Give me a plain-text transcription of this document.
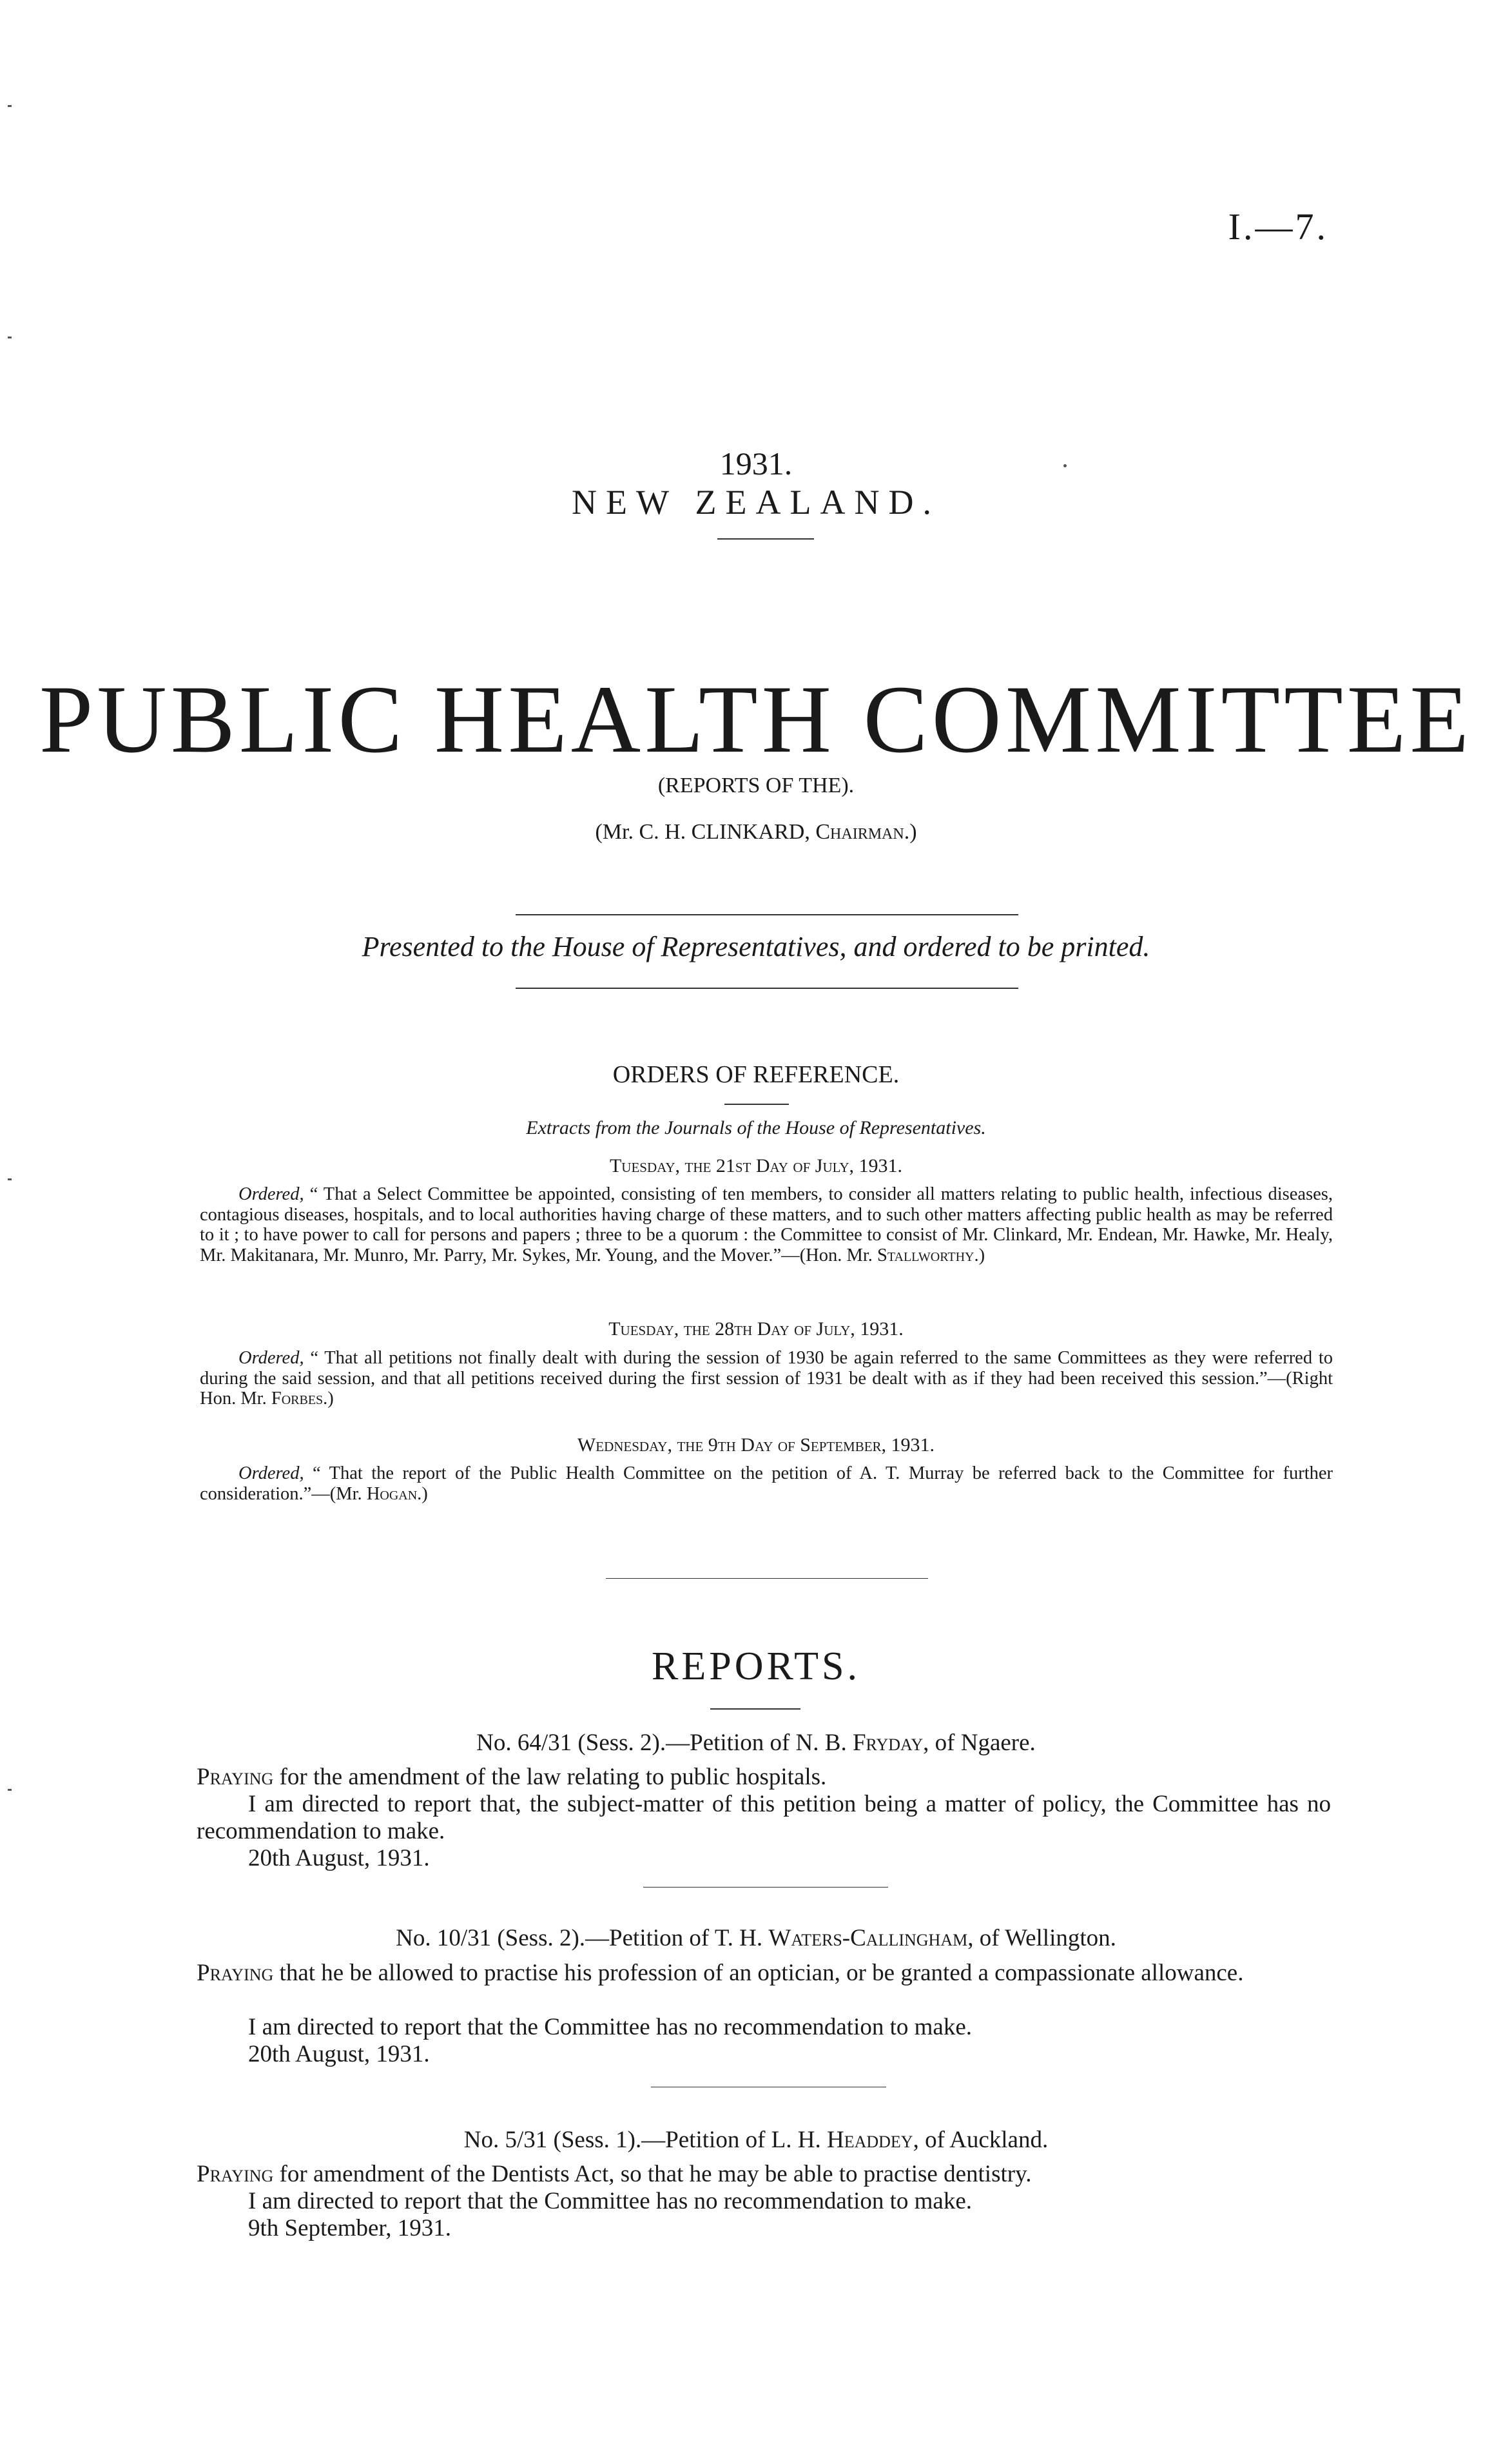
I.—7.
1931.
NEW ZEALAND.
PUBLIC HEALTH COMMITTEE
(REPORTS OF THE).
(Mr. C. H. CLINKARD, Chairman.)
Presented to the House of Representatives, and ordered to be printed.
ORDERS OF REFERENCE.
Extracts from the Journals of the House of Representatives.
Tuesday, the 21st Day of July, 1931.
Ordered, “ That a Select Committee be appointed, consisting of ten members, to consider all matters relating to public health, infectious diseases, contagious diseases, hospitals, and to local authorities having charge of these matters, and to such other matters affecting public health as may be referred to it ; to have power to call for persons and papers ; three to be a quorum : the Committee to consist of Mr. Clinkard, Mr. Endean, Mr. Hawke, Mr. Healy, Mr. Makitanara, Mr. Munro, Mr. Parry, Mr. Sykes, Mr. Young, and the Mover.”—(Hon. Mr. Stallworthy.)
Tuesday, the 28th Day of July, 1931.
Ordered, “ That all petitions not finally dealt with during the session of 1930 be again referred to the same Committees as they were referred to during the said session, and that all petitions received during the first session of 1931 be dealt with as if they had been received this session.”—(Right Hon. Mr. Forbes.)
Wednesday, the 9th Day of September, 1931.
Ordered, “ That the report of the Public Health Committee on the petition of A. T. Murray be referred back to the Committee for further consideration.”—(Mr. Hogan.)
REPORTS.
No. 64/31 (Sess. 2).—Petition of N. B. Fryday, of Ngaere.
Praying for the amendment of the law relating to public hospitals.
I am directed to report that, the subject-matter of this petition being a matter of policy, the Committee has no recommendation to make.
20th August, 1931.
No. 10/31 (Sess. 2).—Petition of T. H. Waters-Callingham, of Wellington.
Praying that he be allowed to practise his profession of an optician, or be granted a compassionate allowance.
I am directed to report that the Committee has no recommendation to make.
20th August, 1931.
No. 5/31 (Sess. 1).—Petition of L. H. Headdey, of Auckland.
Praying for amendment of the Dentists Act, so that he may be able to practise dentistry.
I am directed to report that the Committee has no recommendation to make.
9th September, 1931.
